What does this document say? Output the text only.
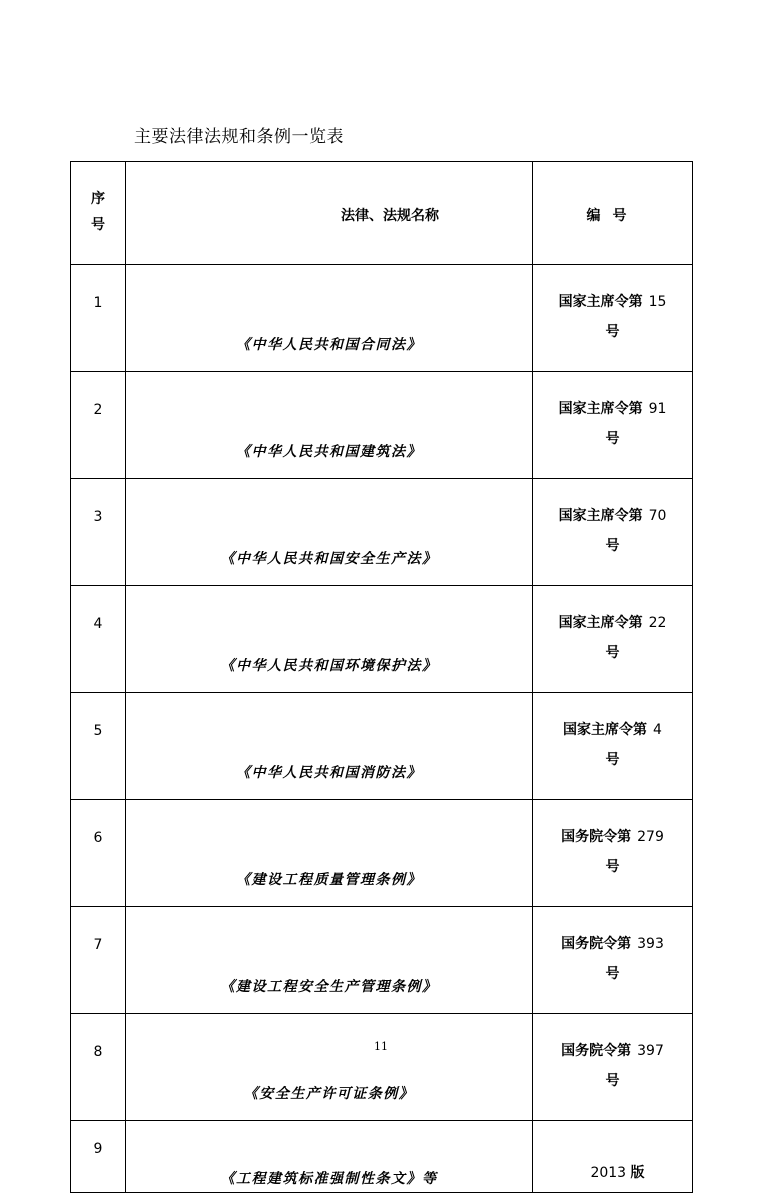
主要法律法规和条例一览表
序
号	法律、法规名称	编号
1	《中华人民共和国合同法》	国家主席令第 15
号

2	《中华人民共和国建筑法》	国家主席令第 91
号

3	《中华人民共和国安全生产法》	国家主席令第 70
号

4	《中华人民共和国环境保护法》	国家主席令第 22
号

5	《中华人民共和国消防法》	国家主席令第 4
号

6	《建设工程质量管理条例》	国务院令第 279
号

7	《建设工程安全生产管理条例》	国务院令第 393
号

8	《安全生产许可证条例》	国务院令第 397
号

9	《工程建筑标准强制性条文》等	2013 版
11
